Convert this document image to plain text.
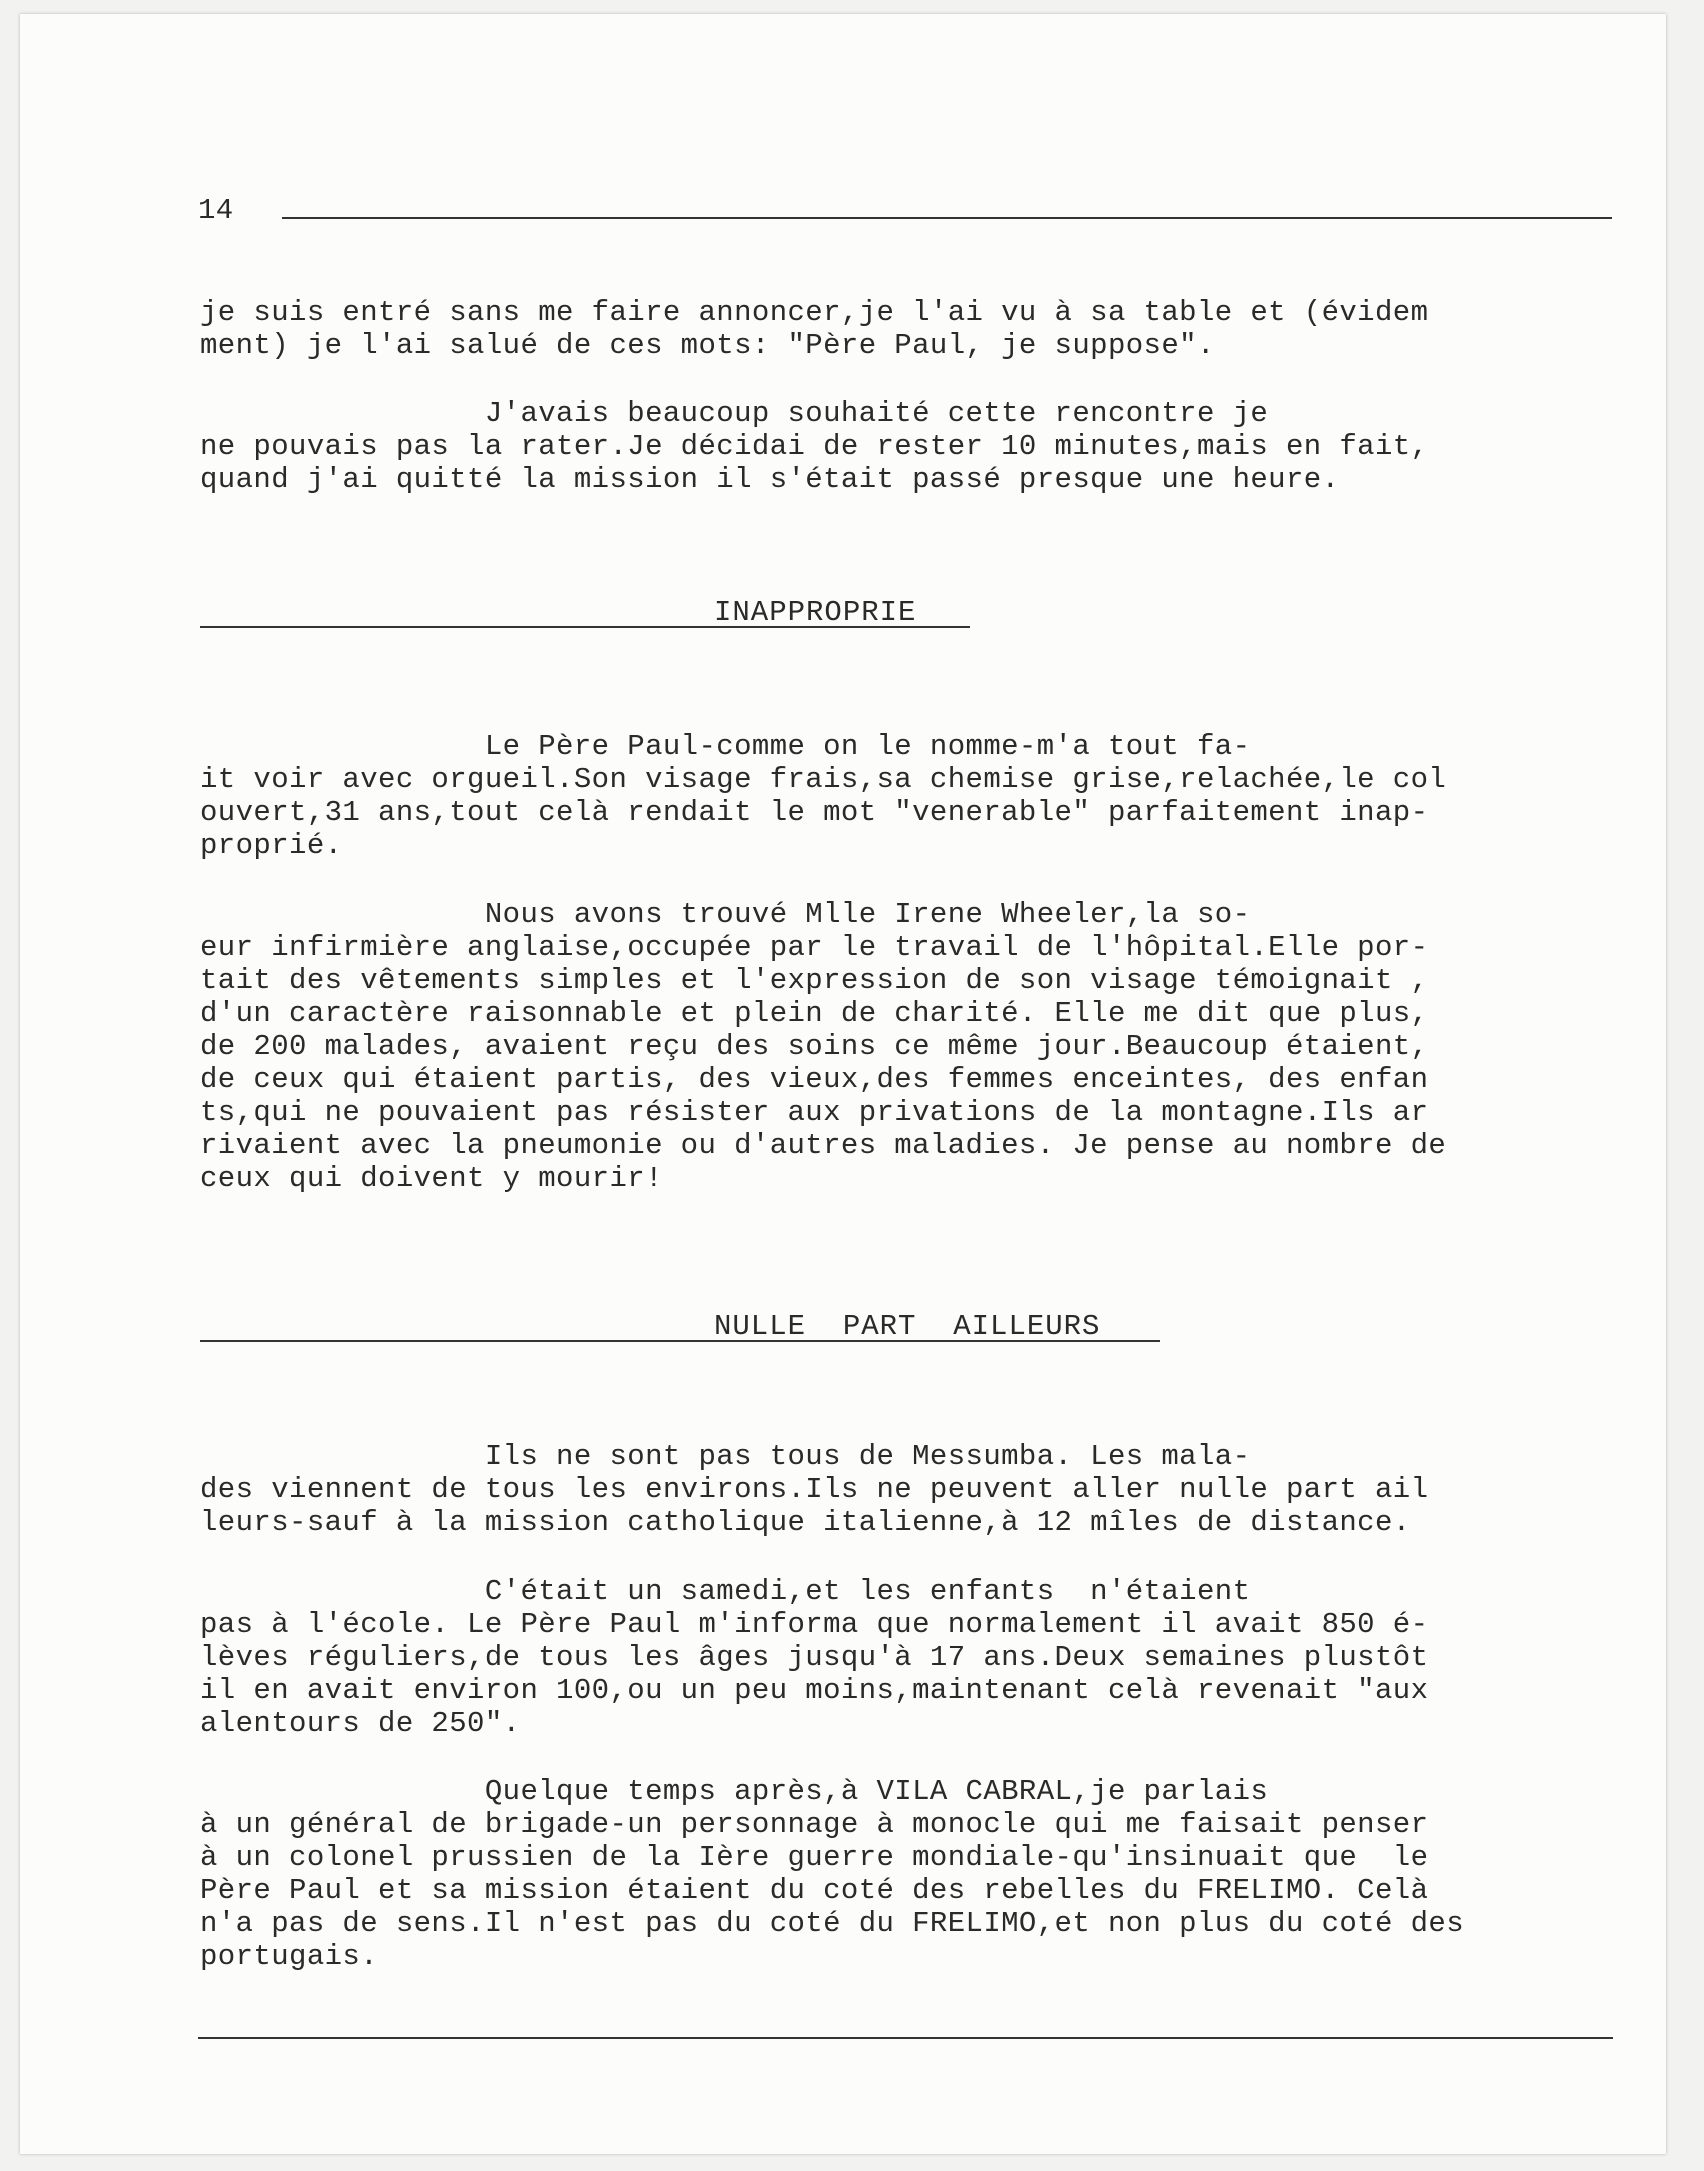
14
je suis entré sans me faire annoncer,je l'ai vu à sa table et (évidem
ment) je l'ai salué de ces mots: "Père Paul, je suppose".
J'avais beaucoup souhaité cette rencontre je
ne pouvais pas la rater.Je décidai de rester 10 minutes,mais en fait,
quand j'ai quitté la mission il s'était passé presque une heure.
INAPPROPRIE
Le Père Paul-comme on le nomme-m'a tout fa-
it voir avec orgueil.Son visage frais,sa chemise grise,relachée,le col
ouvert,31 ans,tout celà rendait le mot "venerable" parfaitement inap-
proprié.
Nous avons trouvé Mlle Irene Wheeler,la so-
eur infirmière anglaise,occupée par le travail de l'hôpital.Elle por-
tait des vêtements simples et l'expression de son visage témoignait ,
d'un caractère raisonnable et plein de charité. Elle me dit que plus,
de 200 malades, avaient reçu des soins ce même jour.Beaucoup étaient,
de ceux qui étaient partis, des vieux,des femmes enceintes, des enfan
ts,qui ne pouvaient pas résister aux privations de la montagne.Ils ar
rivaient avec la pneumonie ou d'autres maladies. Je pense au nombre de
ceux qui doivent y mourir!
NULLE  PART  AILLEURS
Ils ne sont pas tous de Messumba. Les mala-
des viennent de tous les environs.Ils ne peuvent aller nulle part ail
leurs-sauf à la mission catholique italienne,à 12 mîles de distance.
C'était un samedi,et les enfants  n'étaient
pas à l'école. Le Père Paul m'informa que normalement il avait 850 é-
lèves réguliers,de tous les âges jusqu'à 17 ans.Deux semaines plustôt
il en avait environ 100,ou un peu moins,maintenant celà revenait "aux
alentours de 250".
Quelque temps après,à VILA CABRAL,je parlais
à un général de brigade-un personnage à monocle qui me faisait penser
à un colonel prussien de la Ière guerre mondiale-qu'insinuait que  le
Père Paul et sa mission étaient du coté des rebelles du FRELIMO. Celà
n'a pas de sens.Il n'est pas du coté du FRELIMO,et non plus du coté des
portugais.
